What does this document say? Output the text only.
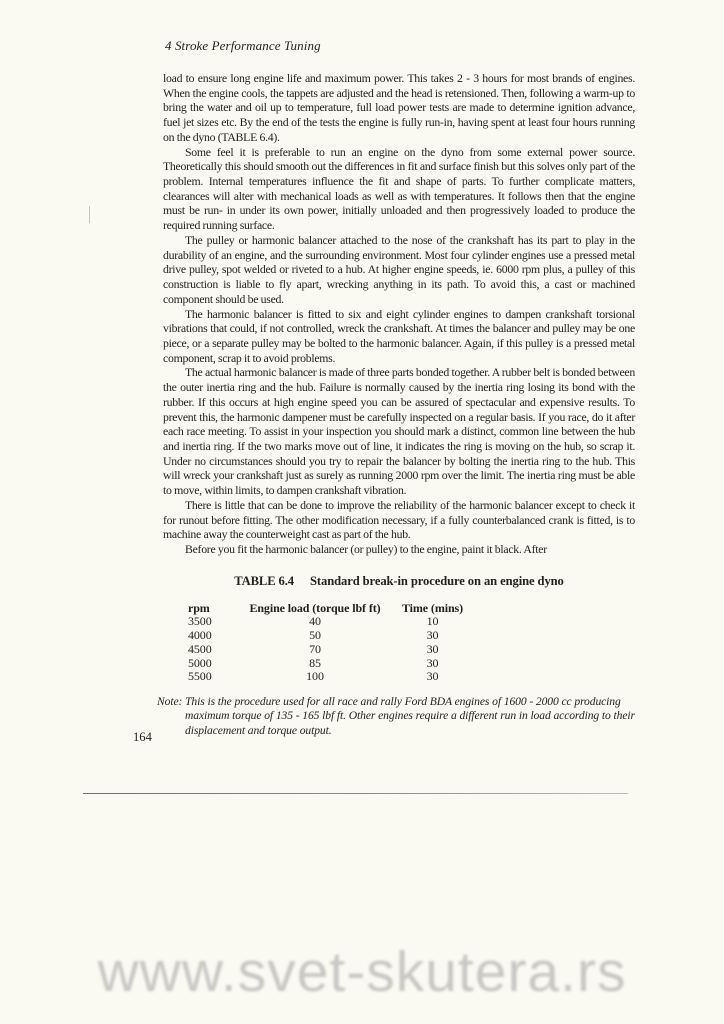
4 Stroke Performance Tuning

load to ensure long engine life and maximum power. This takes 2 - 3 hours for most brands of engines. When the engine cools, the tappets are adjusted and the head is retensioned. Then, following a warm-up to bring the water and oil up to temperature, full load power tests are made to determine ignition advance, fuel jet sizes etc. By the end of the tests the engine is fully run-in, having spent at least four hours running on the dyno (TABLE 6.4).

Some feel it is preferable to run an engine on the dyno from some external power source. Theoretically this should smooth out the differences in fit and surface finish but this solves only part of the problem. Internal temperatures influence the fit and shape of parts. To further complicate matters, clearances will alter with mechanical loads as well as with temperatures. It follows then that the engine must be run- in under its own power, initially unloaded and then progressively loaded to produce the required running surface.

The pulley or harmonic balancer attached to the nose of the crankshaft has its part to play in the durability of an engine, and the surrounding environment. Most four cylinder engines use a pressed metal drive pulley, spot welded or riveted to a hub. At higher engine speeds, ie. 6000 rpm plus, a pulley of this construction is liable to fly apart, wrecking anything in its path. To avoid this, a cast or machined component should be used.

The harmonic balancer is fitted to six and eight cylinder engines to dampen crankshaft torsional vibrations that could, if not controlled, wreck the crankshaft. At times the balancer and pulley may be one piece, or a separate pulley may be bolted to the harmonic balancer. Again, if this pulley is a pressed metal component, scrap it to avoid problems.

The actual harmonic balancer is made of three parts bonded together. A rubber belt is bonded between the outer inertia ring and the hub. Failure is normally caused by the inertia ring losing its bond with the rubber. If this occurs at high engine speed you can be assured of spectacular and expensive results. To prevent this, the harmonic dampener must be carefully inspected on a regular basis. If you race, do it after each race meeting. To assist in your inspection you should mark a distinct, common line between the hub and inertia ring. If the two marks move out of line, it indicates the ring is moving on the hub, so scrap it. Under no circumstances should you try to repair the balancer by bolting the inertia ring to the hub. This will wreck your crankshaft just as surely as running 2000 rpm over the limit. The inertia ring must be able to move, within limits, to dampen crankshaft vibration.

There is little that can be done to improve the reliability of the harmonic balancer except to check it for runout before fitting. The other modification necessary, if a fully counterbalanced crank is fitted, is to machine away the counterweight cast as part of the hub.

Before you fit the harmonic balancer (or pulley) to the engine, paint it black. After

TABLE 6.4 Standard break-in procedure on an engine dyno
rpm	Engine load (torque lbf ft)	Time (mins)
3500	40	10
4000	50	30
4500	70	30
5000	85	30
5500	100	30

Note: This is the procedure used for all race and rally Ford BDA engines of 1600 - 2000 cc producing maximum torque of 135 - 165 lbf ft. Other engines require a different run in load according to their displacement and torque output.

164
www.svet-skutera.rs
